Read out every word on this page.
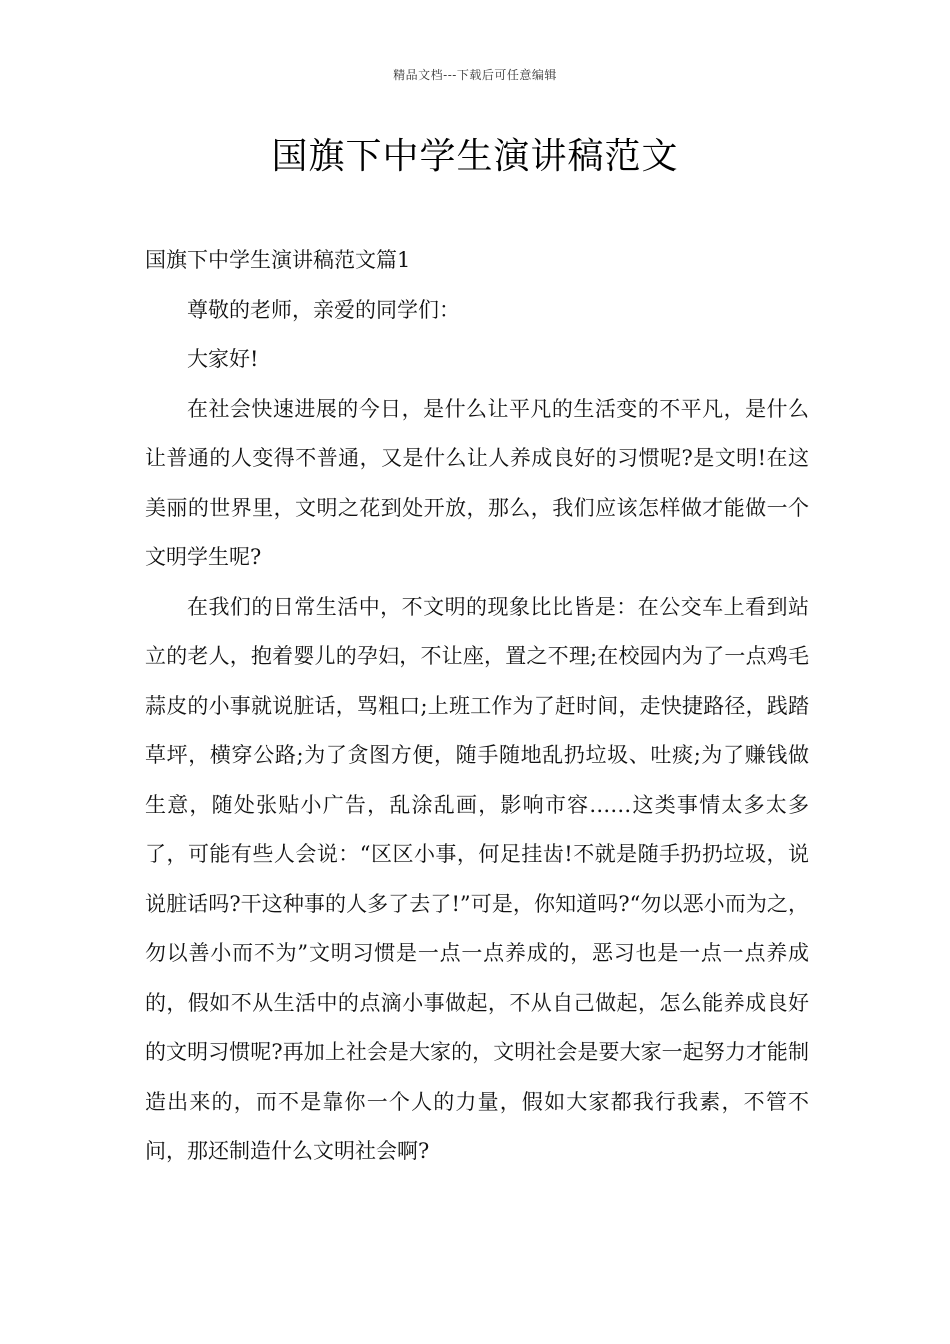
精品文档---下载后可任意编辑
国旗下中学生演讲稿范文

国旗下中学生演讲稿范文篇1

尊敬的老师，亲爱的同学们：

大家好!

在社会快速进展的今日，是什么让平凡的生活变的不平凡，是什么让普通的人变得不普通，又是什么让人养成良好的习惯呢?是文明!在这美丽的世界里，文明之花到处开放，那么，我们应该怎样做才能做一个文明学生呢?

在我们的日常生活中，不文明的现象比比皆是：在公交车上看到站立的老人，抱着婴儿的孕妇，不让座，置之不理;在校园内为了一点鸡毛蒜皮的小事就说脏话，骂粗口;上班工作为了赶时间，走快捷路径，践踏草坪，横穿公路;为了贪图方便，随手随地乱扔垃圾、吐痰;为了赚钱做生意，随处张贴小广告，乱涂乱画，影响市容……这类事情太多太多了，可能有些人会说：“区区小事，何足挂齿!不就是随手扔扔垃圾，说说脏话吗?干这种事的人多了去了!”可是，你知道吗?“勿以恶小而为之，勿以善小而不为”文明习惯是一点一点养成的，恶习也是一点一点养成的，假如不从生活中的点滴小事做起，不从自己做起，怎么能养成良好的文明习惯呢?再加上社会是大家的，文明社会是要大家一起努力才能制造出来的，而不是靠你一个人的力量，假如大家都我行我素，不管不问，那还制造什么文明社会啊?
